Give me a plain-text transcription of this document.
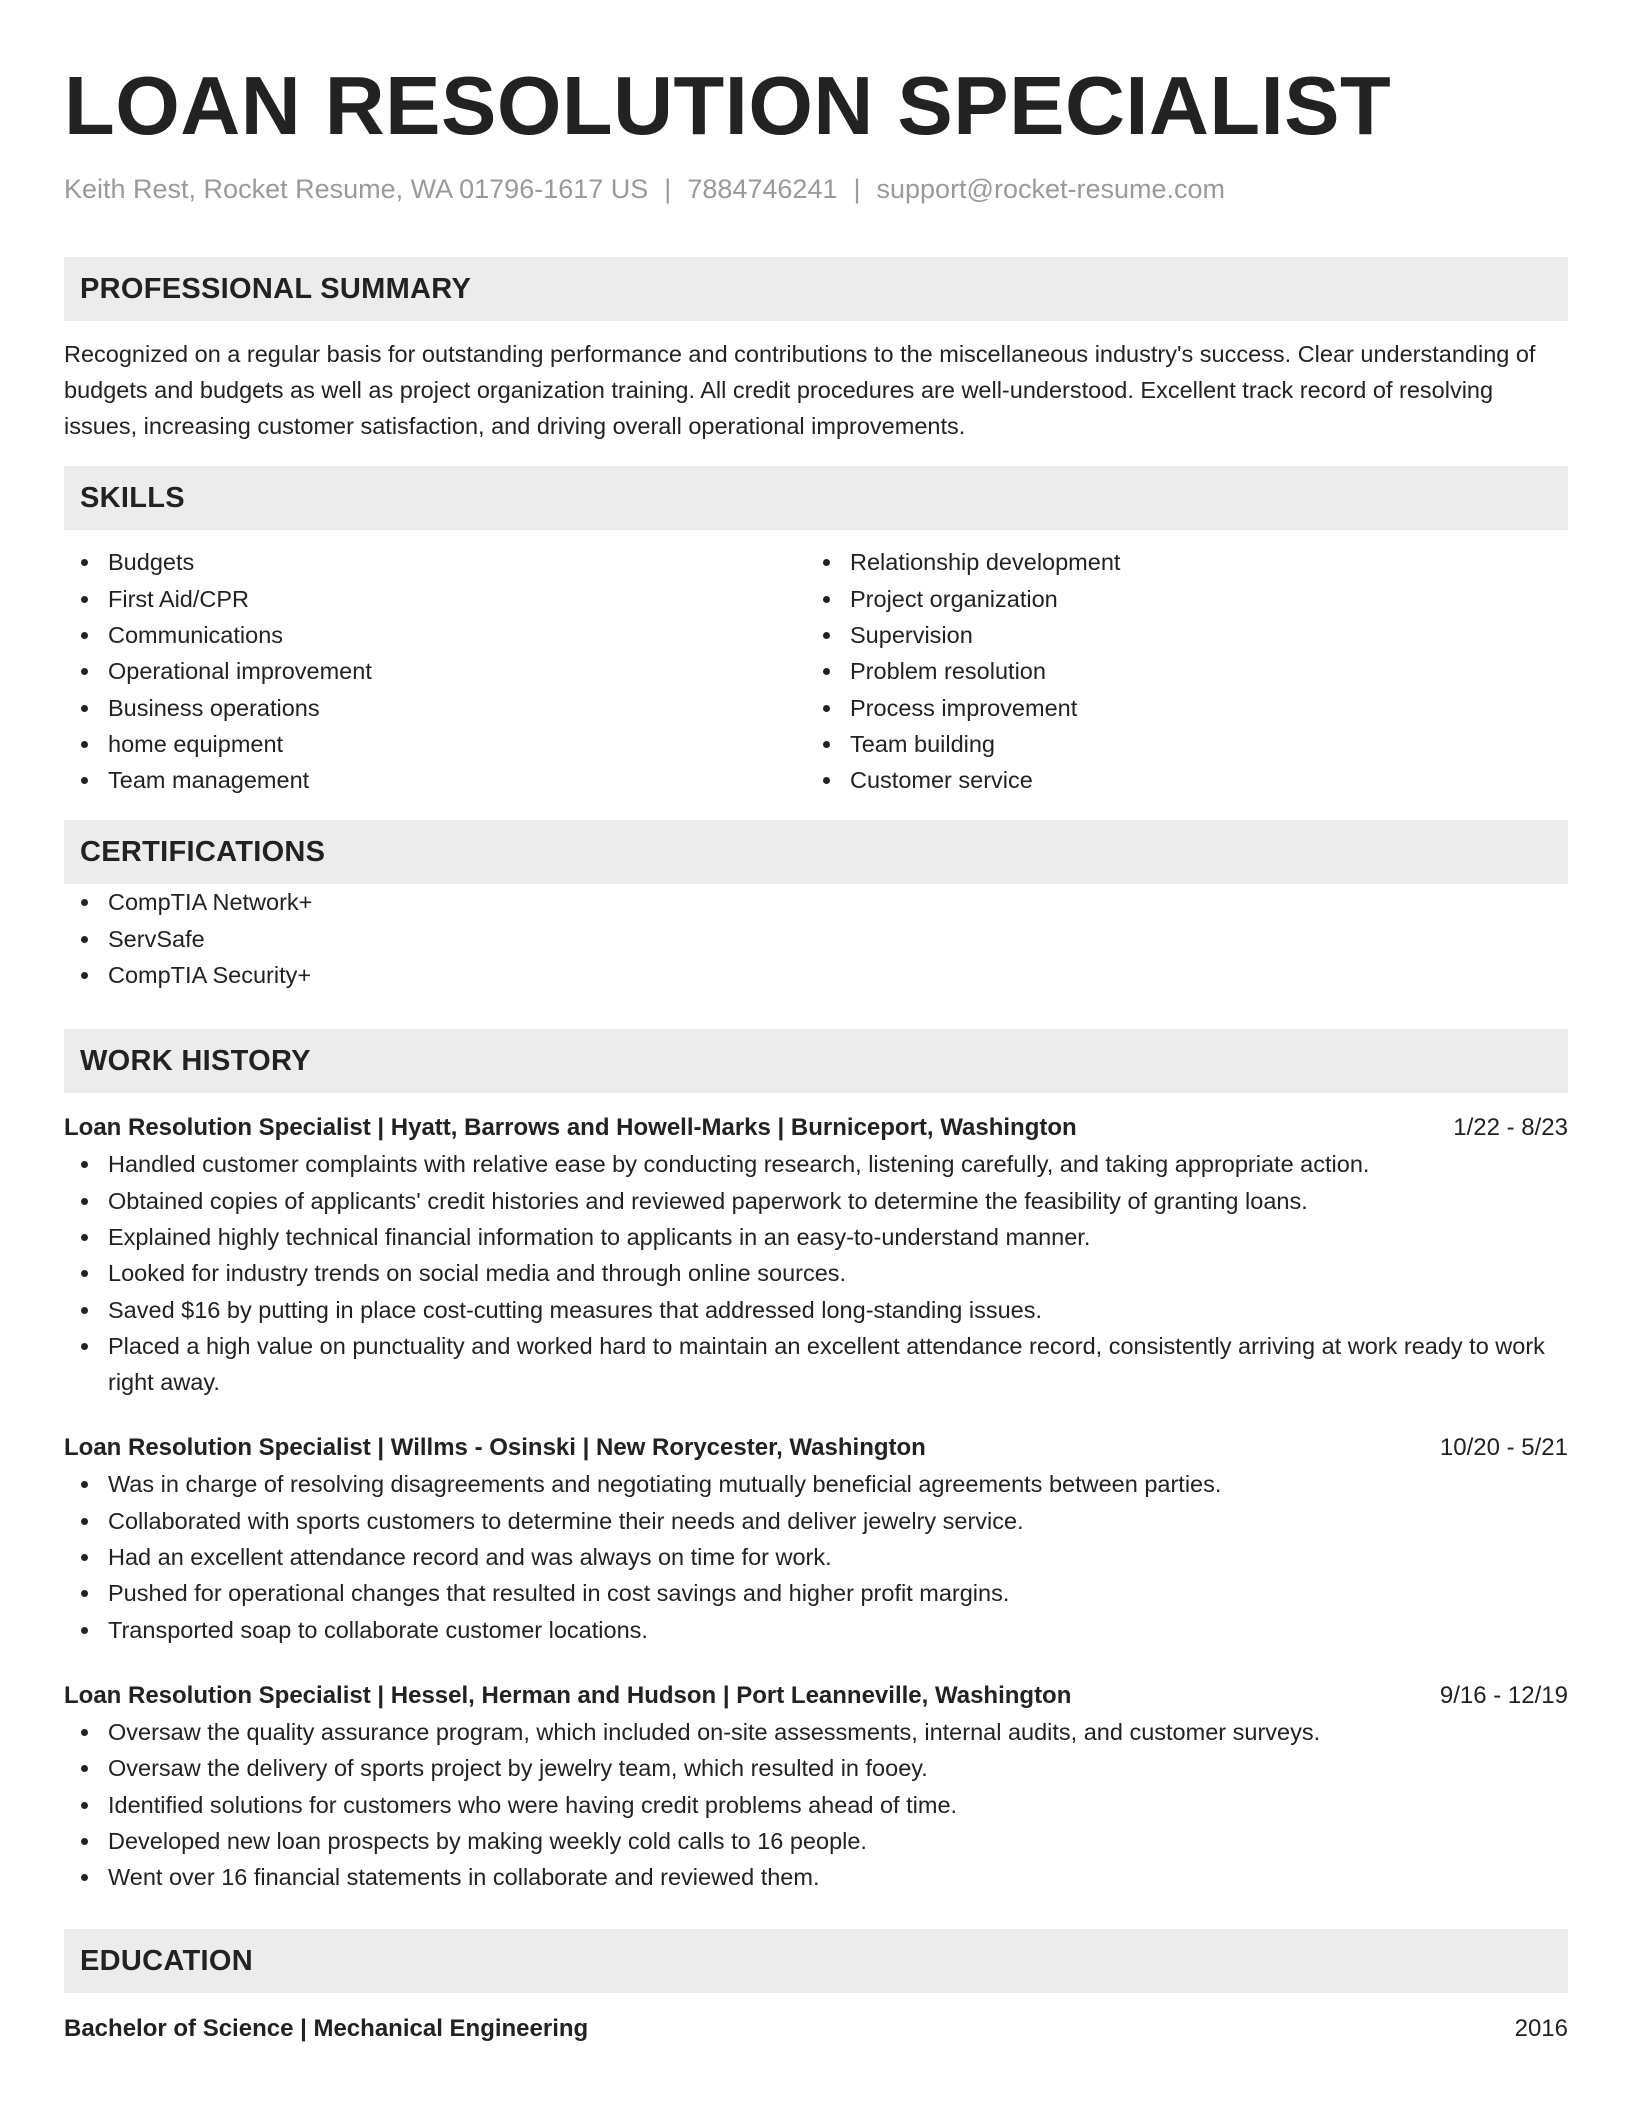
LOAN RESOLUTION SPECIALIST
Keith Rest, Rocket Resume, WA 01796-1617 US | 7884746241 | support@rocket-resume.com
PROFESSIONAL SUMMARY
Recognized on a regular basis for outstanding performance and contributions to the miscellaneous industry's success. Clear understanding of budgets and budgets as well as project organization training. All credit procedures are well-understood. Excellent track record of resolving issues, increasing customer satisfaction, and driving overall operational improvements.
SKILLS
Budgets
First Aid/CPR
Communications
Operational improvement
Business operations
home equipment
Team management
Relationship development
Project organization
Supervision
Problem resolution
Process improvement
Team building
Customer service
CERTIFICATIONS
CompTIA Network+
ServSafe
CompTIA Security+
WORK HISTORY
Loan Resolution Specialist | Hyatt, Barrows and Howell-Marks | Burniceport, Washington	1/22 - 8/23
Handled customer complaints with relative ease by conducting research, listening carefully, and taking appropriate action.
Obtained copies of applicants' credit histories and reviewed paperwork to determine the feasibility of granting loans.
Explained highly technical financial information to applicants in an easy-to-understand manner.
Looked for industry trends on social media and through online sources.
Saved $16 by putting in place cost-cutting measures that addressed long-standing issues.
Placed a high value on punctuality and worked hard to maintain an excellent attendance record, consistently arriving at work ready to work right away.
Loan Resolution Specialist | Willms - Osinski | New Rorycester, Washington	10/20 - 5/21
Was in charge of resolving disagreements and negotiating mutually beneficial agreements between parties.
Collaborated with sports customers to determine their needs and deliver jewelry service.
Had an excellent attendance record and was always on time for work.
Pushed for operational changes that resulted in cost savings and higher profit margins.
Transported soap to collaborate customer locations.
Loan Resolution Specialist | Hessel, Herman and Hudson | Port Leanneville, Washington	9/16 - 12/19
Oversaw the quality assurance program, which included on-site assessments, internal audits, and customer surveys.
Oversaw the delivery of sports project by jewelry team, which resulted in fooey.
Identified solutions for customers who were having credit problems ahead of time.
Developed new loan prospects by making weekly cold calls to 16 people.
Went over 16 financial statements in collaborate and reviewed them.
EDUCATION
Bachelor of Science | Mechanical Engineering	2016
